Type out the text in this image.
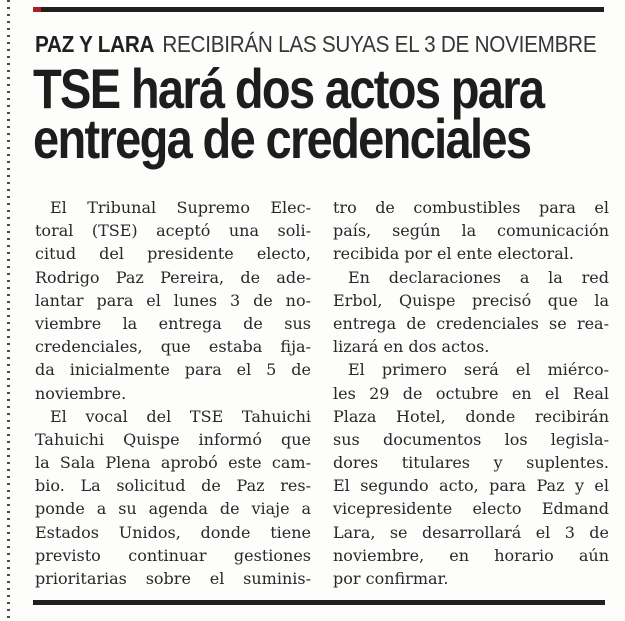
PAZ Y LARA RECIBIRÁN LAS SUYAS EL 3 DE NOVIEMBRE
TSE hará dos actos para
entrega de credenciales
El Tribunal Supremo Elec-
toral (TSE) aceptó una soli-
citud del presidente electo,
Rodrigo Paz Pereira, de ade-
lantar para el lunes 3 de no-
viembre la entrega de sus
credenciales, que estaba fija-
da inicialmente para el 5 de
noviembre.
El vocal del TSE Tahuichi
Tahuichi Quispe informó que
la Sala Plena aprobó este cam-
bio. La solicitud de Paz res-
ponde a su agenda de viaje a
Estados Unidos, donde tiene
previsto continuar gestiones
prioritarias sobre el suminis-
tro de combustibles para el
país, según la comunicación
recibida por el ente electoral.
En declaraciones a la red
Erbol, Quispe precisó que la
entrega de credenciales se rea-
lizará en dos actos.
El primero será el miérco-
les 29 de octubre en el Real
Plaza Hotel, donde recibirán
sus documentos los legisla-
dores titulares y suplentes.
El segundo acto, para Paz y el
vicepresidente electo Edmand
Lara, se desarrollará el 3 de
noviembre, en horario aún
por confirmar.
